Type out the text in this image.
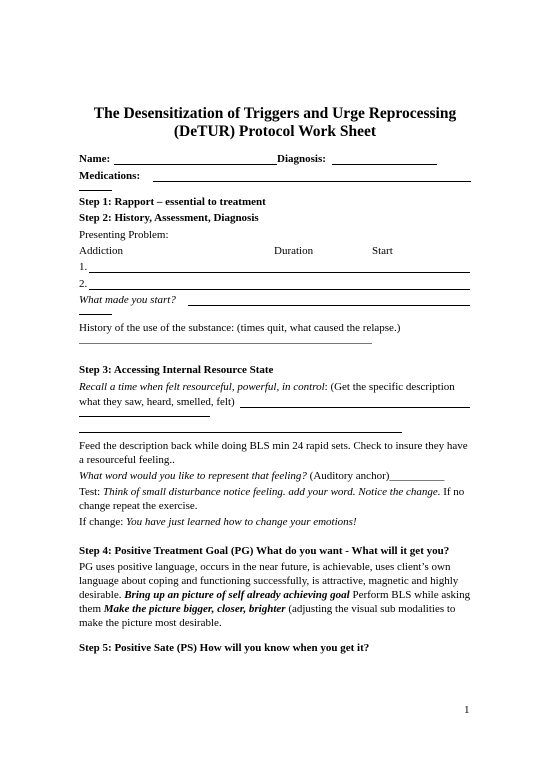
The Desensitization of Triggers and Urge Reprocessing
(DeTUR) Protocol Work Sheet
Name:	Diagnosis:
Medications:
Step 1: Rapport – essential to treatment
Step 2: History, Assessment, Diagnosis
Presenting Problem:
Addiction	Duration	Start
1.
2.
What made you start?
History of the use of the substance: (times quit, what caused the relapse.)
Step 3: Accessing Internal Resource State
Recall a time when felt resourceful, powerful, in control: (Get the specific description
what they saw, heard, smelled, felt)
Feed the description back while doing BLS min 24 rapid sets. Check to insure they have
a resourceful feeling..
What word would you like to represent that feeling? (Auditory anchor)__________
Test: Think of small disturbance notice feeling. add your word. Notice the change. If no
change repeat the exercise.
If change: You have just learned how to change your emotions!
Step 4: Positive Treatment Goal (PG) What do you want - What will it get you?
PG uses positive language, occurs in the near future, is achievable, uses client’s own
language about coping and functioning successfully, is attractive, magnetic and highly
desirable. Bring up an picture of self already achieving goal Perform BLS while asking
them Make the picture bigger, closer, brighter (adjusting the visual sub modalities to
make the picture most desirable.
Step 5: Positive Sate (PS) How will you know when you get it?
1
